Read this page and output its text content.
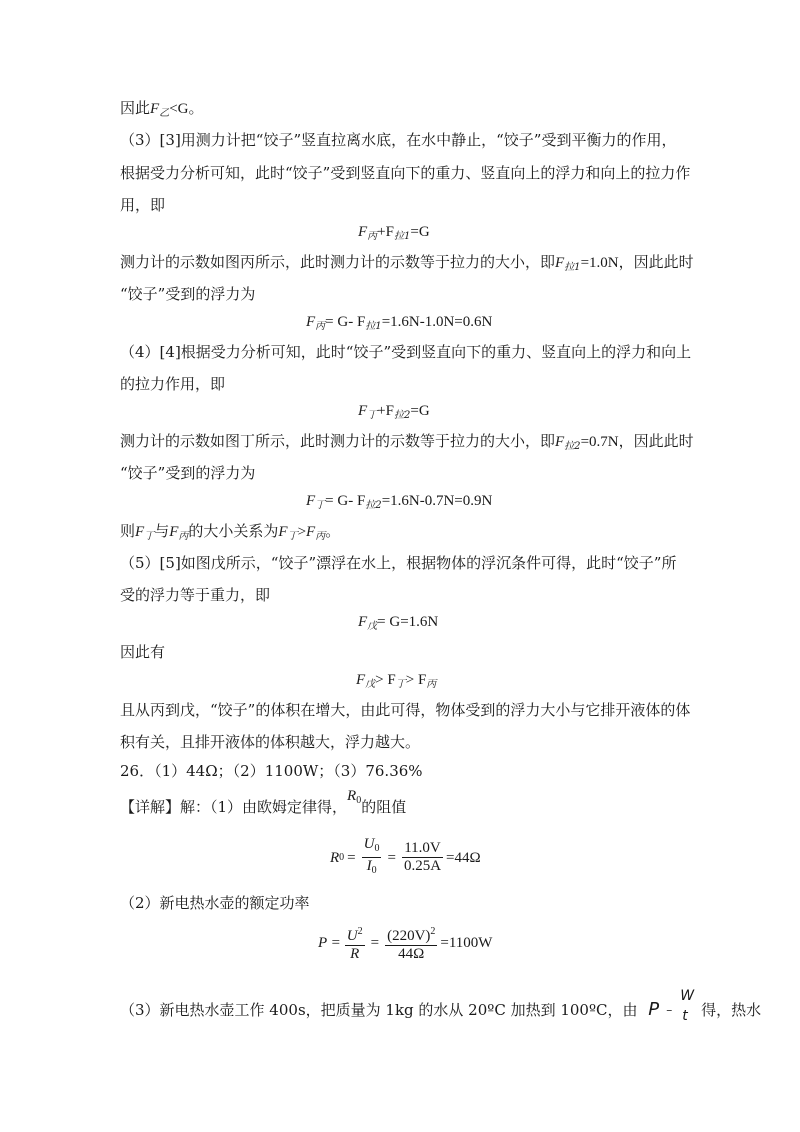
因此$F_乙<G$。
（3）[3]用测力计把“饺子”竖直拉离水底，在水中静止，“饺子”受到平衡力的作用，
根据受力分析可知，此时“饺子”受到竖直向下的重力、竖直向上的浮力和向上的拉力作
用，即
$F_丙+F_{拉1}=G$
测力计的示数如图丙所示，此时测力计的示数等于拉力的大小，即$F_{拉1}=1.0N$，因此此时
“饺子”受到的浮力为
$F_丙= G-$ $F_{拉1}=1.6N-1.0N=0.6N$
（4）[4]根据受力分析可知，此时“饺子”受到竖直向下的重力、竖直向上的浮力和向上
的拉力作用，即
$F_丁+F_{拉2}=G$
测力计的示数如图丁所示，此时测力计的示数等于拉力的大小，即$F_{拉2}=0.7N$，因此此时
“饺子”受到的浮力为
$F_丁= G-$ $F_{拉2}=1.6N-0.7N=0.9N$
则$F_丁$与$F_丙$的大小关系为$F_丁>F_丙$。
（5）[5]如图戊所示，“饺子”漂浮在水上，根据物体的浮沉条件可得，此时“饺子”所
受的浮力等于重力，即
$F_戊= G=1.6N$
因此有
$F_戊> F_丁> F_丙$
且从丙到戊，“饺子”的体积在增大，由此可得，物体受到的浮力大小与它排开液体的体
积有关，且排开液体的体积越大，浮力越大。
26．（1）44Ω；（2）1100W；（3）76.36%
【详解】解：（1）由欧姆定律得，$R_0$的阻值
R $0 = \frac{U_0}{I_0} = \frac{11.0V}{0.25A} =44\Omega$
（2）新电热水壶的额定功率
$P = \frac{U^2}{R} = \frac{(220V)^2}{44\Omega} =1100W$
（3）新电热水壶工作 400s，把质量为 1kg 的水从 20ºC 加热到 100ºC，由 P –
W
t 得，热水
